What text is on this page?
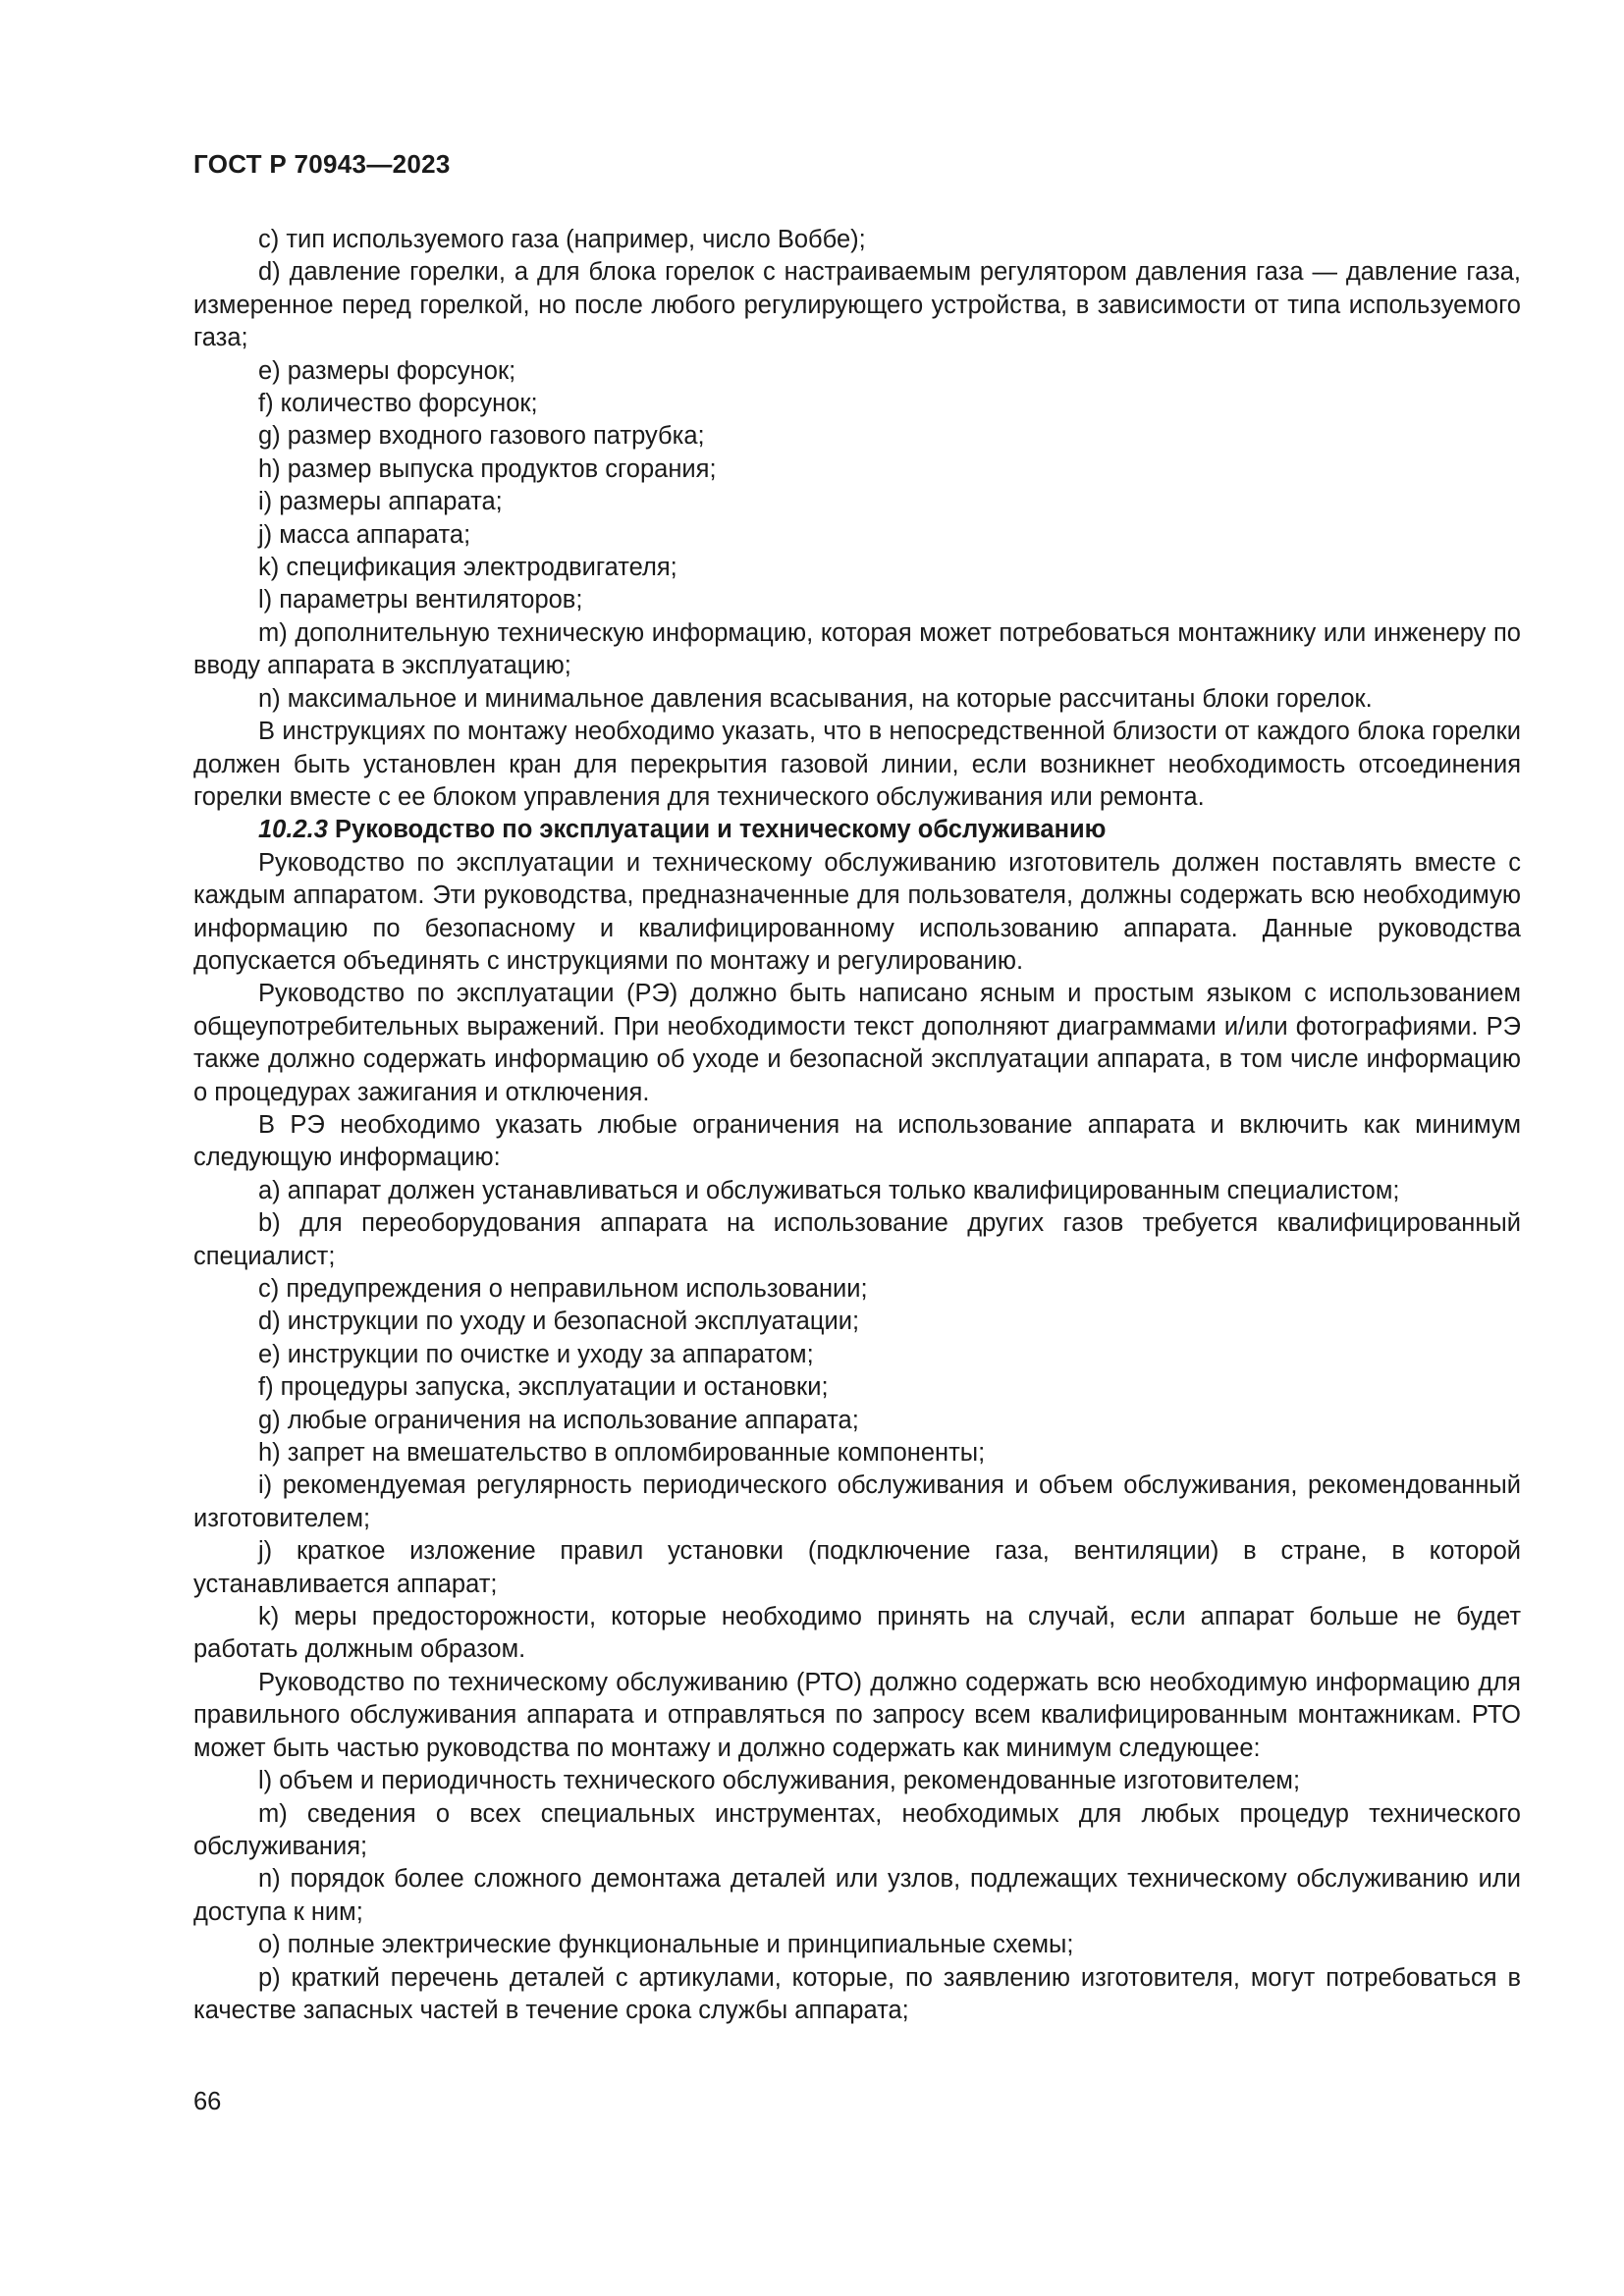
ГОСТ Р 70943—2023

c) тип используемого газа (например, число Воббе);

d) давление горелки, а для блока горелок с настраиваемым регулятором давления газа — давление газа, измеренное перед горелкой, но после любого регулирующего устройства, в зависимости от типа используемого газа;

e) размеры форсунок;

f) количество форсунок;

g) размер входного газового патрубка;

h) размер выпуска продуктов сгорания;

i) размеры аппарата;

j) масса аппарата;

k) спецификация электродвигателя;

l) параметры вентиляторов;

m) дополнительную техническую информацию, которая может потребоваться монтажнику или инженеру по вводу аппарата в эксплуатацию;

n) максимальное и минимальное давления всасывания, на которые рассчитаны блоки горелок.

В инструкциях по монтажу необходимо указать, что в непосредственной близости от каждого блока горелки должен быть установлен кран для перекрытия газовой линии, если возникнет необходимость отсоединения горелки вместе с ее блоком управления для технического обслуживания или ремонта.

10.2.3 Руководство по эксплуатации и техническому обслуживанию

Руководство по эксплуатации и техническому обслуживанию изготовитель должен поставлять вместе с каждым аппаратом. Эти руководства, предназначенные для пользователя, должны содержать всю необходимую информацию по безопасному и квалифицированному использованию аппарата. Данные руководства допускается объединять с инструкциями по монтажу и регулированию.

Руководство по эксплуатации (РЭ) должно быть написано ясным и простым языком с использованием общеупотребительных выражений. При необходимости текст дополняют диаграммами и/или фотографиями. РЭ также должно содержать информацию об уходе и безопасной эксплуатации аппарата, в том числе информацию о процедурах зажигания и отключения.

В РЭ необходимо указать любые ограничения на использование аппарата и включить как минимум следующую информацию:

a) аппарат должен устанавливаться и обслуживаться только квалифицированным специалистом;

b) для переоборудования аппарата на использование других газов требуется квалифицированный специалист;

c) предупреждения о неправильном использовании;

d) инструкции по уходу и безопасной эксплуатации;

e) инструкции по очистке и уходу за аппаратом;

f) процедуры запуска, эксплуатации и остановки;

g) любые ограничения на использование аппарата;

h) запрет на вмешательство в опломбированные компоненты;

i) рекомендуемая регулярность периодического обслуживания и объем обслуживания, рекомендованный изготовителем;

j) краткое изложение правил установки (подключение газа, вентиляции) в стране, в которой устанавливается аппарат;

k) меры предосторожности, которые необходимо принять на случай, если аппарат больше не будет работать должным образом.

Руководство по техническому обслуживанию (РТО) должно содержать всю необходимую информацию для правильного обслуживания аппарата и отправляться по запросу всем квалифицированным монтажникам. РТО может быть частью руководства по монтажу и должно содержать как минимум следующее:

l) объем и периодичность технического обслуживания, рекомендованные изготовителем;

m) сведения о всех специальных инструментах, необходимых для любых процедур технического обслуживания;

n) порядок более сложного демонтажа деталей или узлов, подлежащих техническому обслуживанию или доступа к ним;

o) полные электрические функциональные и принципиальные схемы;

p) краткий перечень деталей с артикулами, которые, по заявлению изготовителя, могут потребоваться в качестве запасных частей в течение срока службы аппарата;

66
